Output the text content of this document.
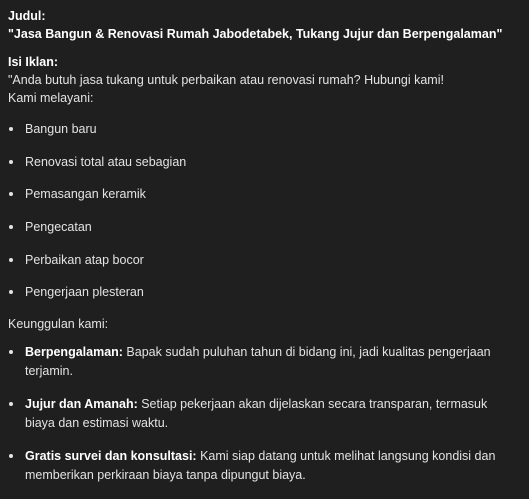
Judul:
"Jasa Bangun & Renovasi Rumah Jabodetabek, Tukang Jujur dan Berpengalaman"
Isi Iklan:
"Anda butuh jasa tukang untuk perbaikan atau renovasi rumah? Hubungi kami!
Kami melayani:
Bangun baru
Renovasi total atau sebagian
Pemasangan keramik
Pengecatan
Perbaikan atap bocor
Pengerjaan plesteran
Keunggulan kami:
Berpengalaman: Bapak sudah puluhan tahun di bidang ini, jadi kualitas pengerjaan terjamin.
Jujur dan Amanah: Setiap pekerjaan akan dijelaskan secara transparan, termasuk biaya dan estimasi waktu.
Gratis survei dan konsultasi: Kami siap datang untuk melihat langsung kondisi dan memberikan perkiraan biaya tanpa dipungut biaya.
